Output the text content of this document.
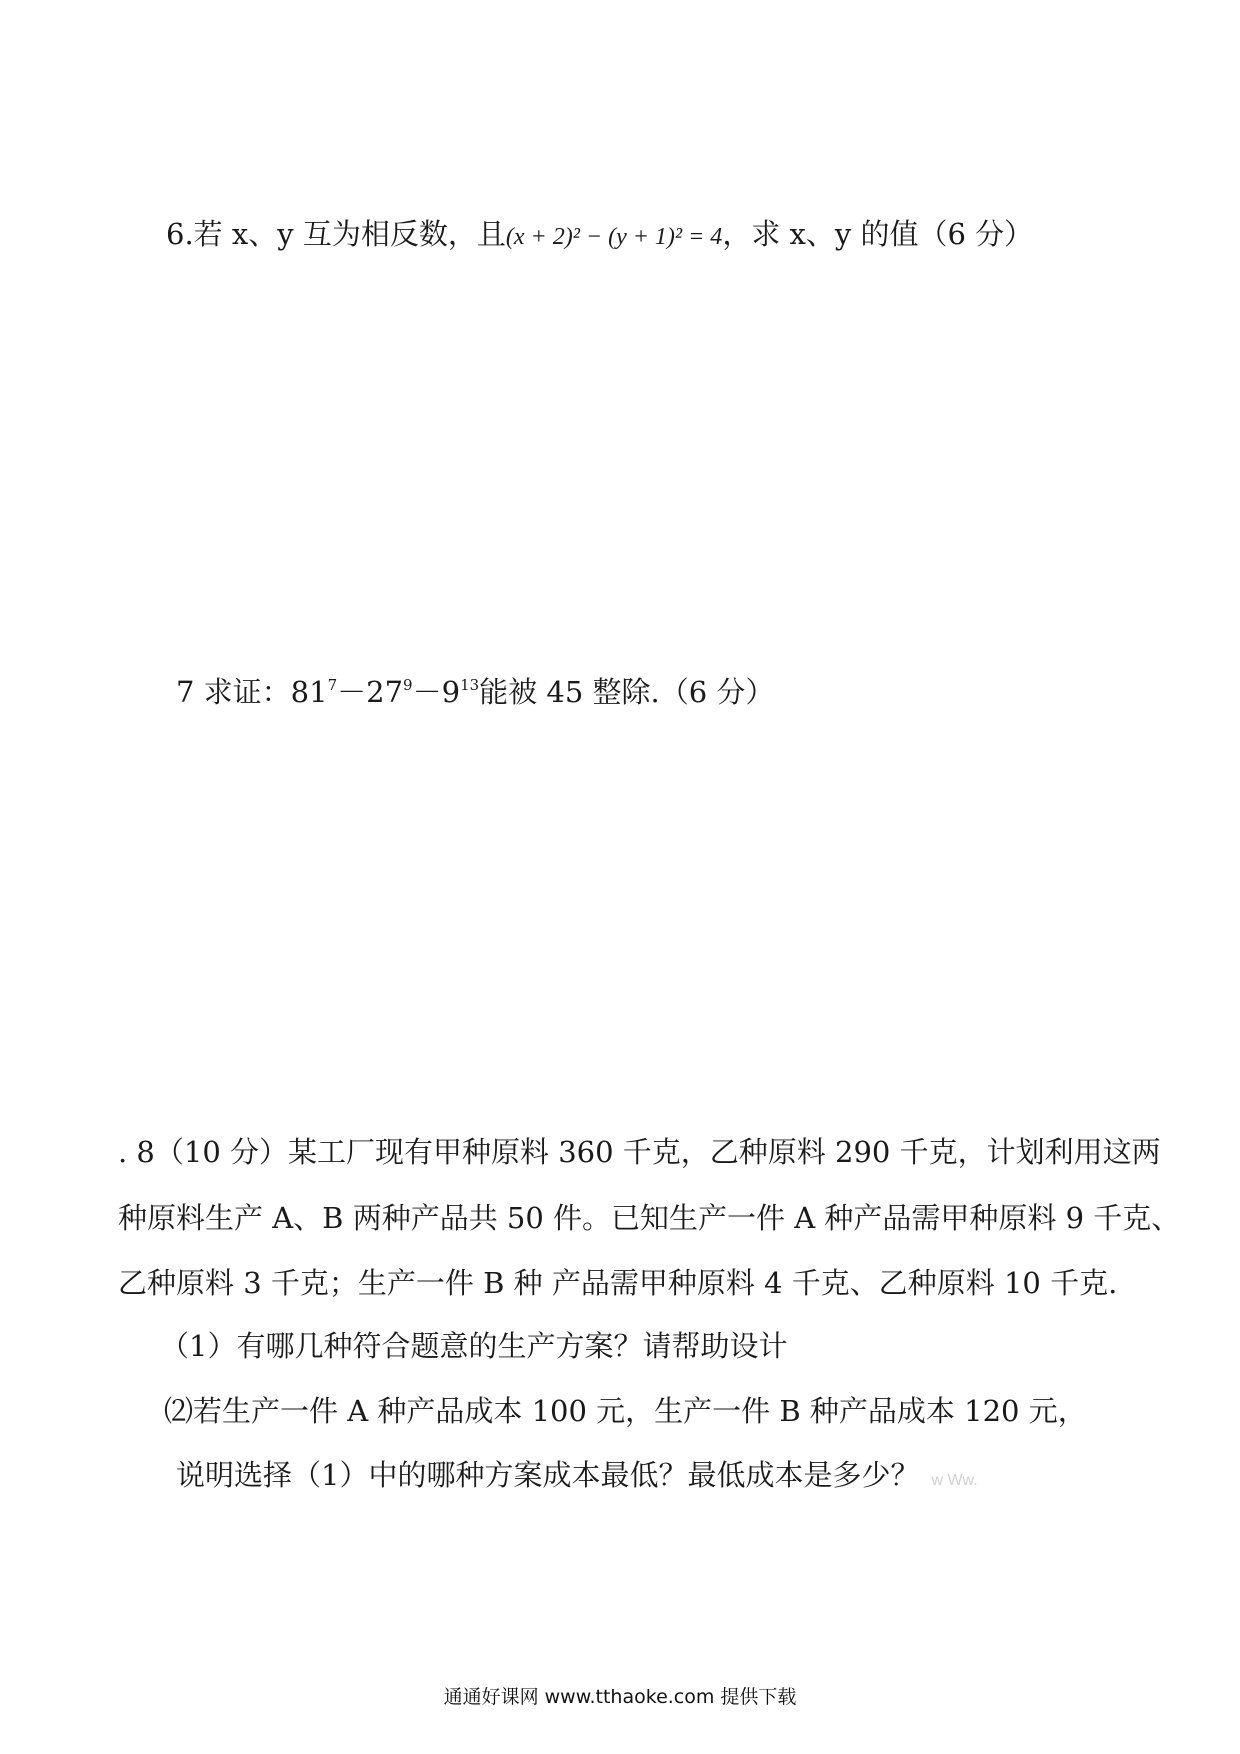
6.若 x、y 互为相反数，且(x + 2)² − (y + 1)² = 4，求 x、y 的值（6 分）
7 求证：$81^7-27^9-9^{13}$能被 45 整除.（6 分）
. 8（10 分）某工厂现有甲种原料 360 千克，乙种原料 290 千克，计划利用这两
种原料生产 A、B 两种产品共 50 件。已知生产一件 A 种产品需甲种原料 9 千克、
乙种原料 3 千克；生产一件 B 种 产品需甲种原料 4 千克、乙种原料 10 千克.
（1）有哪几种符合题意的生产方案？请帮助设计
⑵若生产一件 A 种产品成本 100 元，生产一件 B 种产品成本 120 元，
说明选择（1）中的哪种方案成本最低？最低成本是多少？ w Ww.
通通好课网 www.tthaoke.com 提供下载
